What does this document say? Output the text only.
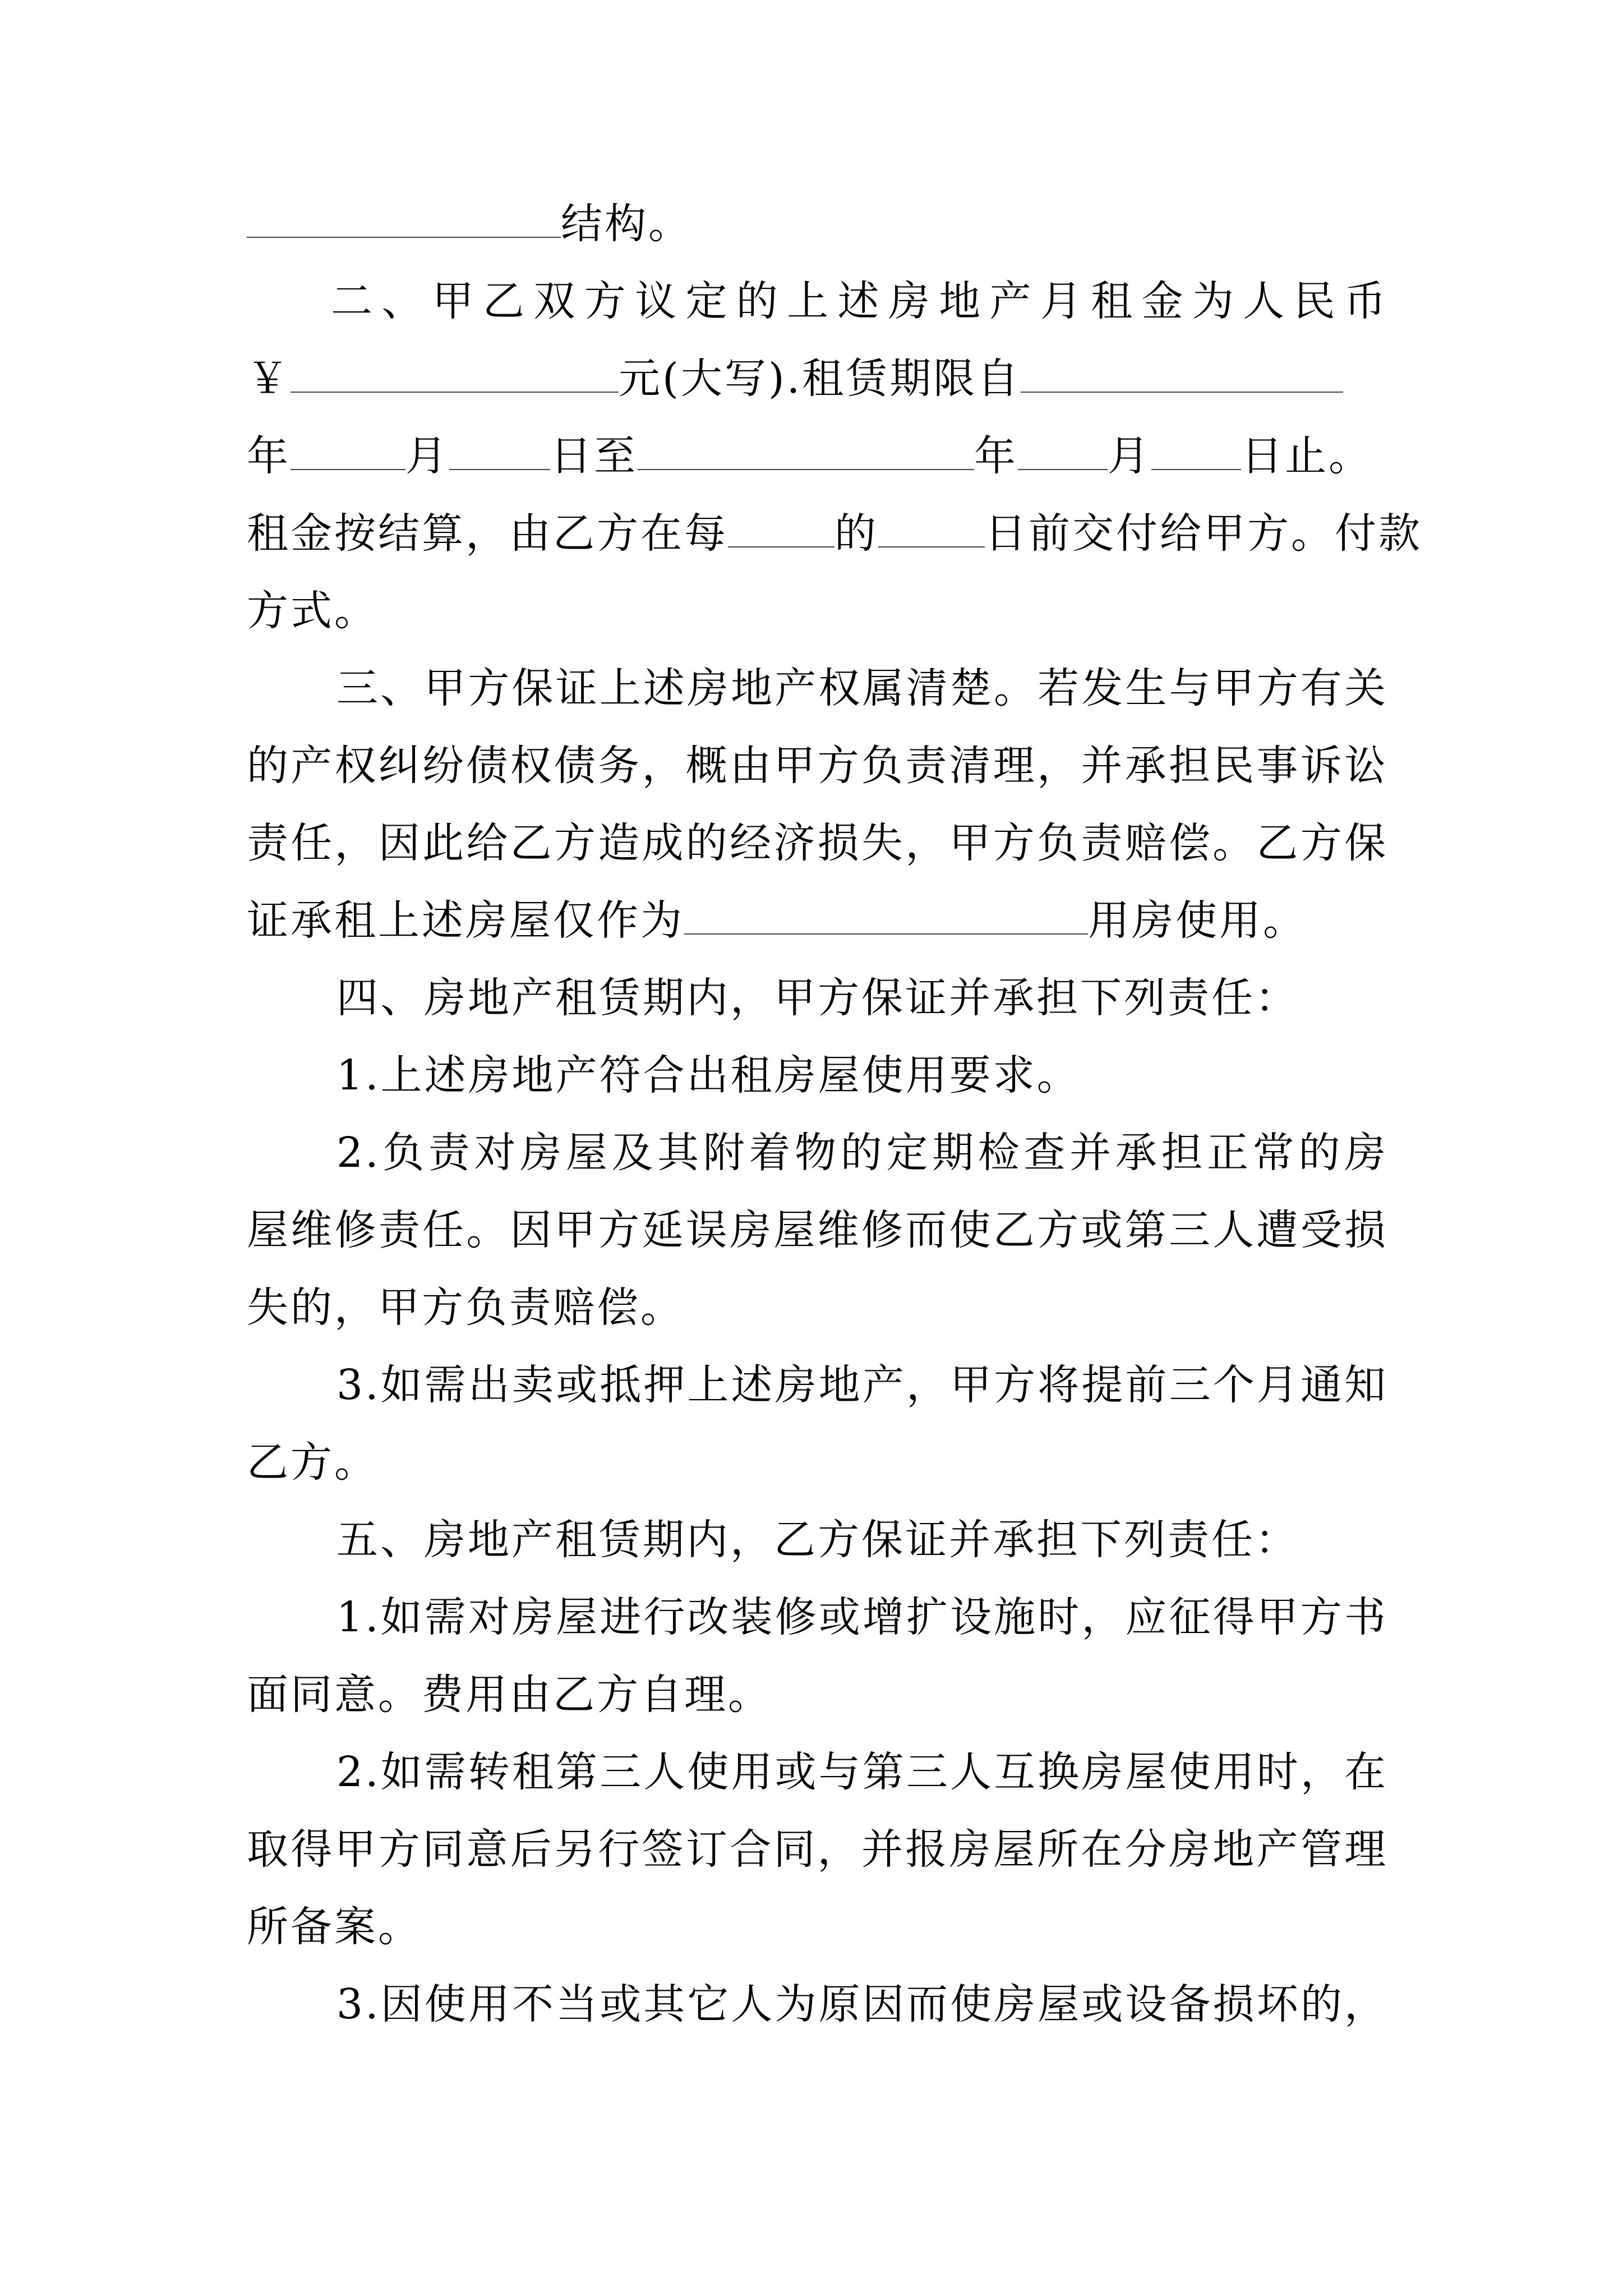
结构。
二、甲乙双方议定的上述房地产月租金为人民币
￥	元(大写).租赁期限自
年	月 日至	年 月 日止。
租金按结算，由乙方在每	的	日前交付给甲方。付款
方式。
三、甲方保证上述房地产权属清楚。若发生与甲方有关
的产权纠纷债权债务，概由甲方负责清理，并承担民事诉讼
责任，因此给乙方造成的经济损失，甲方负责赔偿。乙方保
证承租上述房屋仅作为	用房使用。
四、房地产租赁期内，甲方保证并承担下列责任：
1.上述房地产符合出租房屋使用要求。
2.负责对房屋及其附着物的定期检查并承担正常的房
屋维修责任。因甲方延误房屋维修而使乙方或第三人遭受损
失的，甲方负责赔偿。
3.如需出卖或抵押上述房地产，甲方将提前三个月通知
乙方。
五、房地产租赁期内，乙方保证并承担下列责任：
1.如需对房屋进行改装修或增扩设施时，应征得甲方书
面同意。费用由乙方自理。
2.如需转租第三人使用或与第三人互换房屋使用时，在
取得甲方同意后另行签订合同，并报房屋所在分房地产管理
所备案。
3.因使用不当或其它人为原因而使房屋或设备损坏的，
